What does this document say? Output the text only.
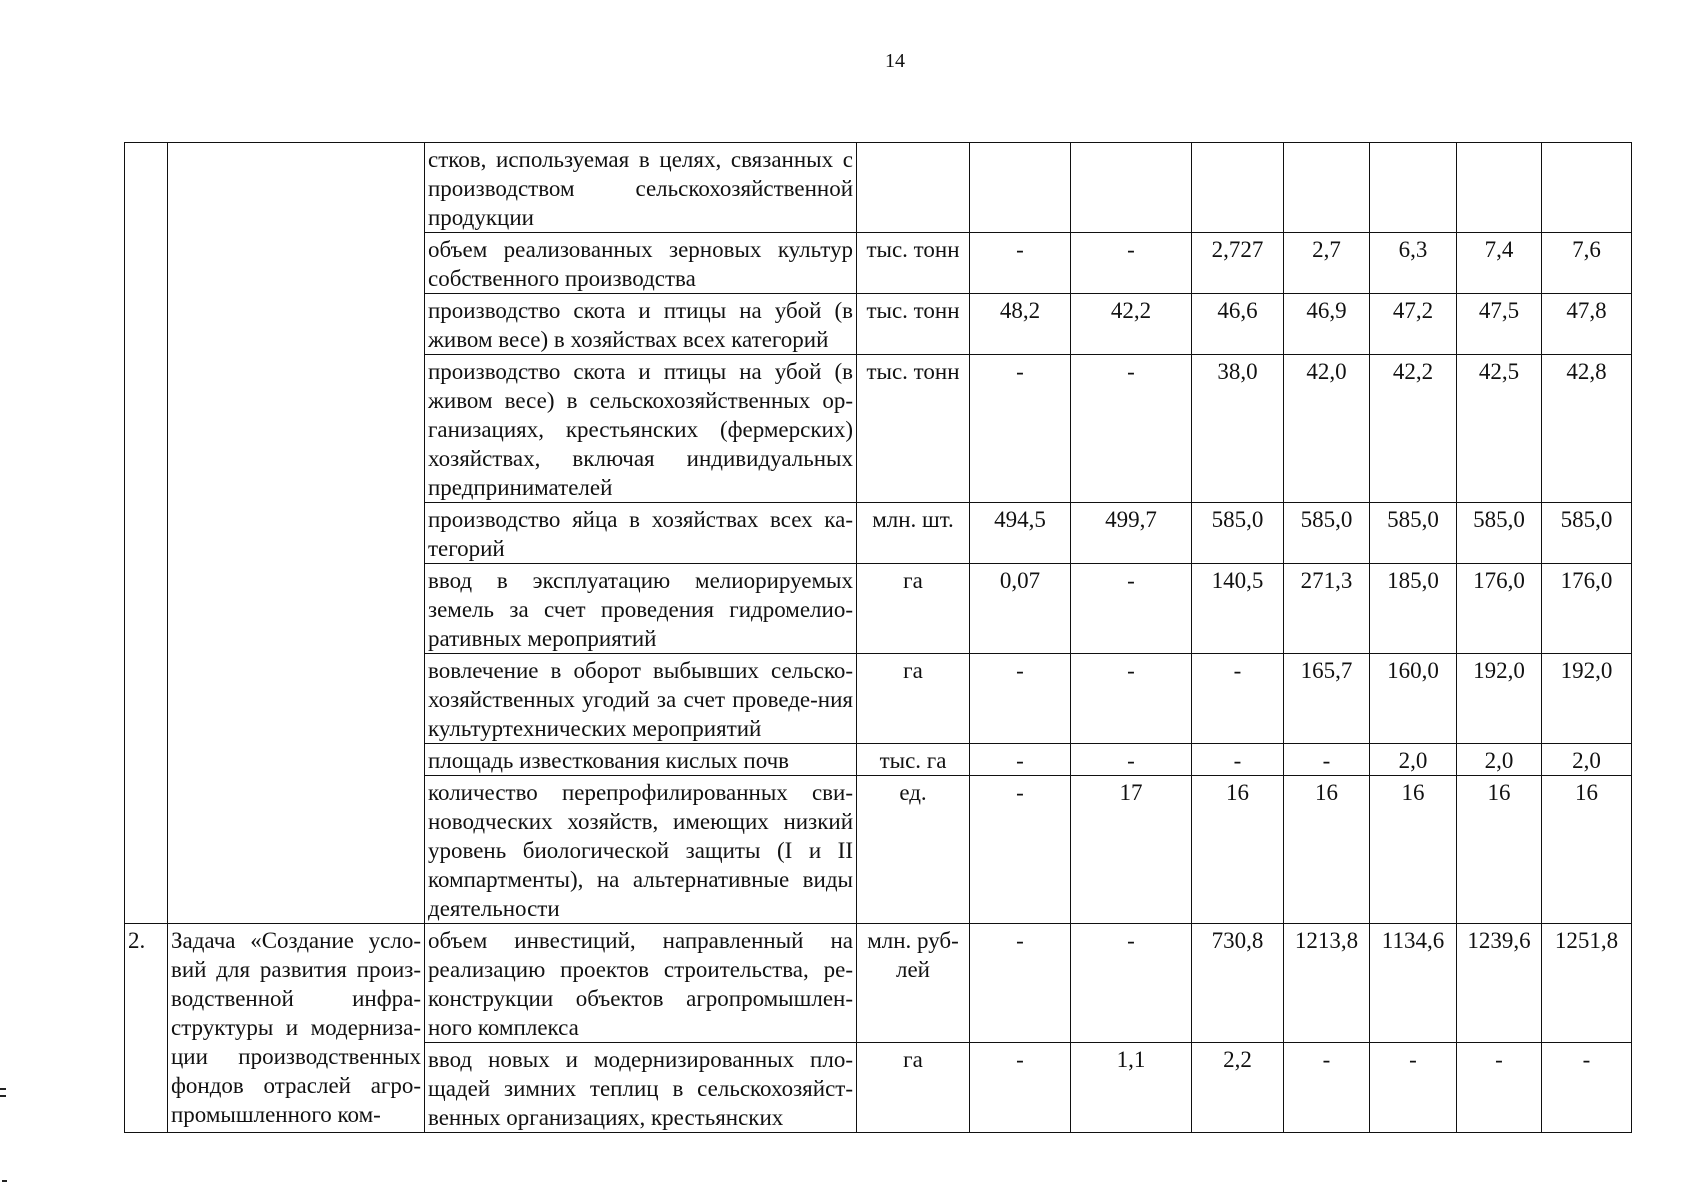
14
		стков, используемая в целях, связанных с производством сельскохозяйственной продукции								
		объем реализованных зерновых культур собственного производства	тыс. тонн	-	-	2,727	2,7	6,3	7,4	7,6
		производство скота и птицы на убой (в живом весе) в хозяйствах всех категорий	тыс. тонн	48,2	42,2	46,6	46,9	47,2	47,5	47,8
		производство скота и птицы на убой (в живом весе) в сельскохозяйственных ор-ганизациях, крестьянских (фермерских) хозяйствах, включая индивидуальных предпринимателей	тыс. тонн	-	-	38,0	42,0	42,2	42,5	42,8
		производство яйца в хозяйствах всех ка-тегорий	млн. шт.	494,5	499,7	585,0	585,0	585,0	585,0	585,0
		ввод в эксплуатацию мелиорируемых земель за счет проведения гидромелио-ративных мероприятий	га	0,07	-	140,5	271,3	185,0	176,0	176,0
		вовлечение в оборот выбывших сельско-хозяйственных угодий за счет проведе-ния культуртехнических мероприятий	га	-	-	-	165,7	160,0	192,0	192,0
		площадь известкования кислых почв	тыс. га	-	-	-	-	2,0	2,0	2,0
		количество перепрофилированных сви-новодческих хозяйств, имеющих низкий уровень биологической защиты (I и II компартменты), на альтернативные виды деятельности	ед.	-	17	16	16	16	16	16
2.	Задача «Создание усло-вий для развития произ-водственной инфра-структуры и модерниза-ции производственных фондов отраслей агро-промышленного ком-	объем инвестиций, направленный на реализацию проектов строительства, ре-конструкции объектов агропромышлен-ного комплекса	млн. руб-лей	-	-	730,8	1213,8	1134,6	1239,6	1251,8
		ввод новых и модернизированных пло-щадей зимних теплиц в сельскохозяйст-венных организациях, крестьянских	га	-	1,1	2,2	-	-	-	-
